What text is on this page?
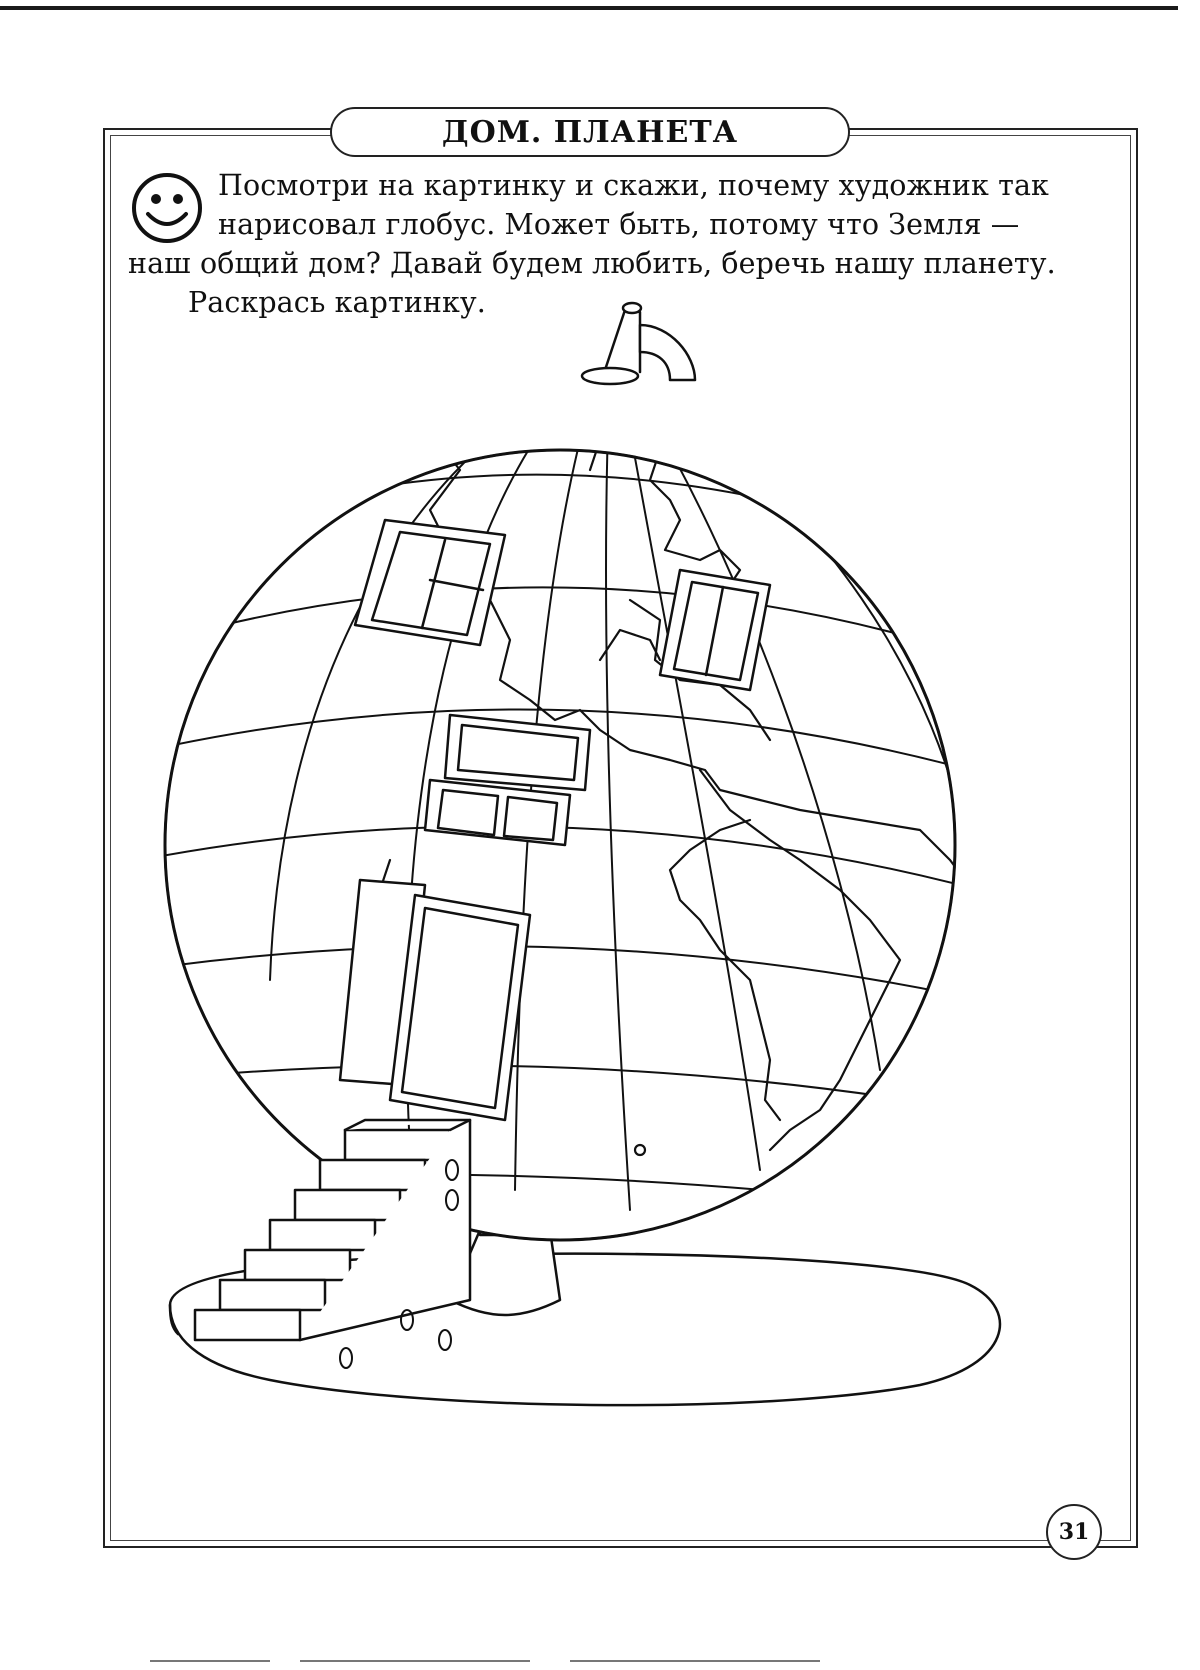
ДОМ. ПЛАНЕТА

Посмотри на картинку и скажи, почему художник так нарисовал глобус. Может быть, потому что Земля — наш общий дом? Давай будем любить, беречь нашу планету.

Раскрась картинку.

31
